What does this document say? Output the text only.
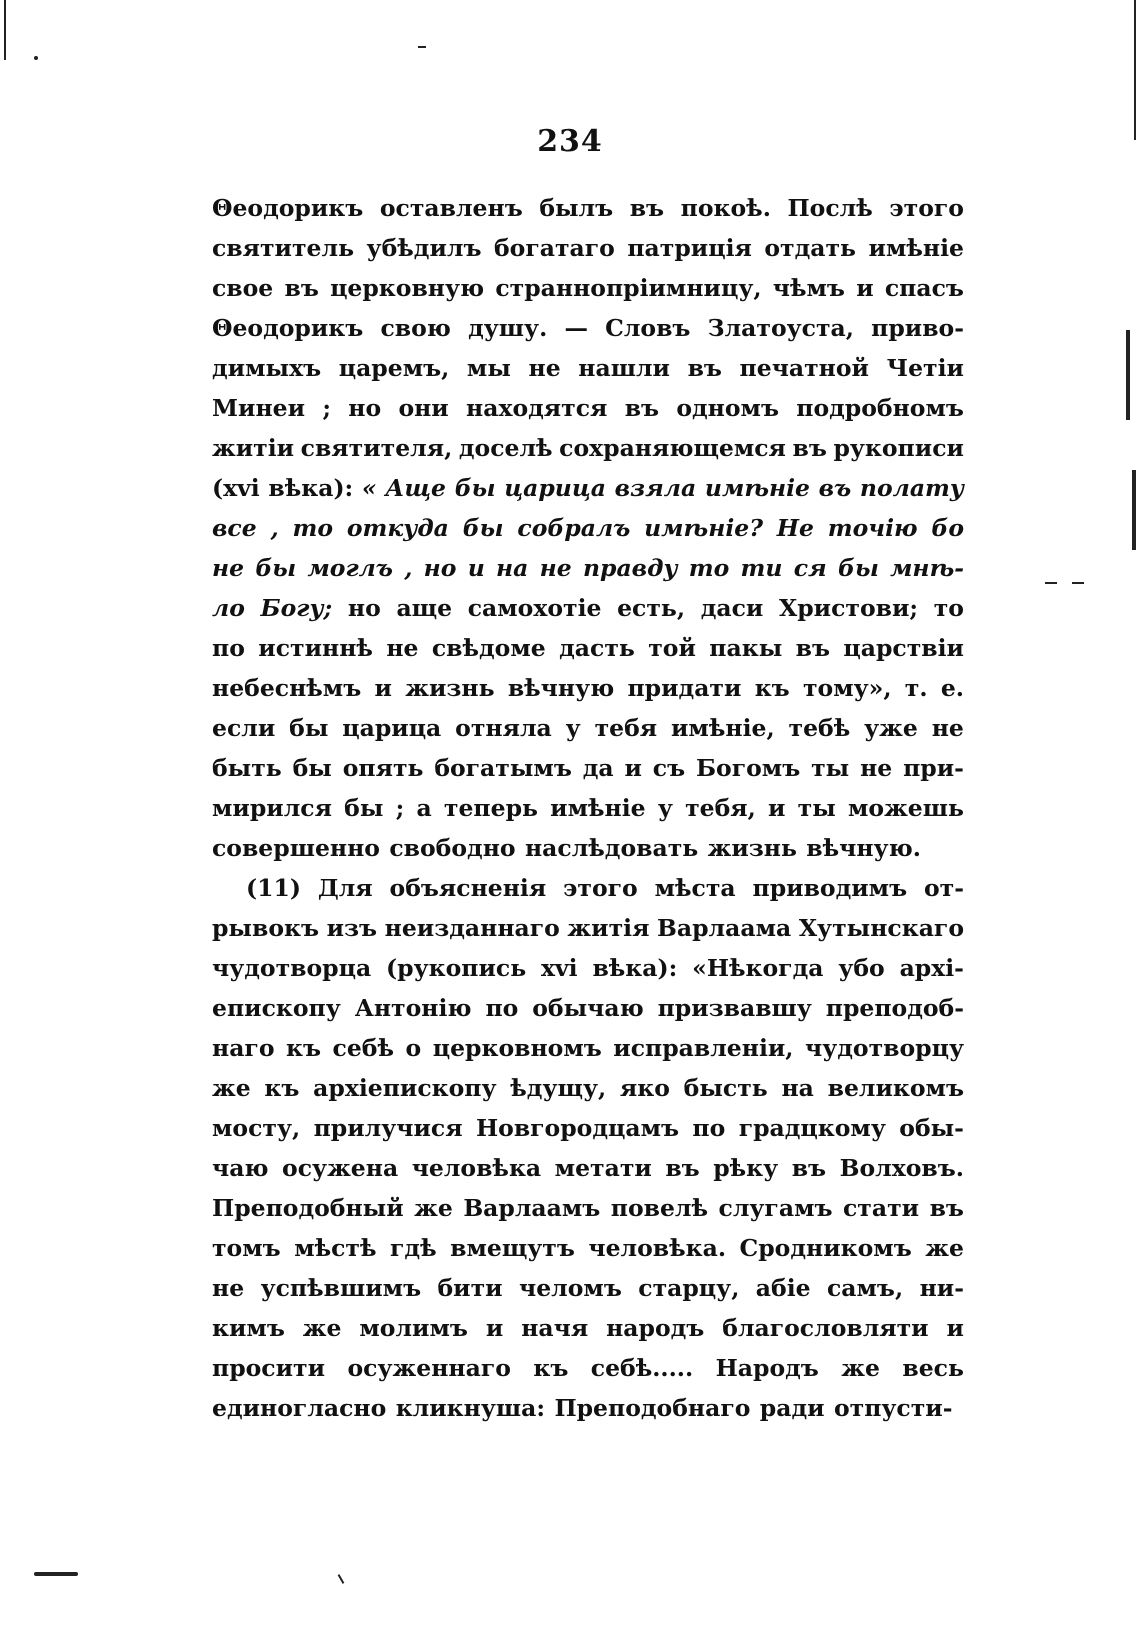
234
Θеодорикъ оставленъ былъ въ покоѣ. Послѣ этого
святитель убѣдилъ богатаго патриція отдать имѣніе
свое въ церковную страннопріимницу, чѣмъ и спасъ
Θеодорикъ свою душу. — Словъ Златоуста, приво-
димыхъ царемъ, мы не нашли въ печатной Четіи
Минеи ; но они находятся въ одномъ подробномъ
житіи святителя, доселѣ сохраняющемся въ рукописи
(xvi вѣка): « Аще бы царица взяла имѣніе въ полату
все , то откуда бы собралъ имѣніе? Не точію бо
не бы моглъ , но и на не правду то ти ся бы мнѣ-
ло Богу; но аще самохотіе есть, даси Христови; то
по истиннѣ не свѣдоме дасть той пакы въ царствіи
небеснѣмъ и жизнь вѣчную придати къ тому», т. е.
если бы царица отняла у тебя имѣніе, тебѣ уже не
быть бы опять богатымъ да и съ Богомъ ты не при-
мирился бы ; а теперь имѣніе у тебя, и ты можешь
совершенно свободно наслѣдовать жизнь вѣчную.
(11) Для объясненія этого мѣста приводимъ от-
рывокъ изъ неизданнаго житія Варлаама Хутынскаго
чудотворца (рукопись xvi вѣка): «Нѣкогда убо архі-
епископу Антонію по обычаю призвавшу преподоб-
наго къ себѣ о церковномъ исправленіи, чудотворцу
же къ архіепископу ѣдущу, яко бысть на великомъ
мосту, прилучися Новгородцамъ по градцкому обы-
чаю осужена человѣка метати въ рѣку въ Волховъ.
Преподобный же Варлаамъ повелѣ слугамъ стати въ
томъ мѣстѣ гдѣ вмещутъ человѣка. Сродникомъ же
не успѣвшимъ бити челомъ старцу, абіе самъ, ни-
кимъ же молимъ и начя народъ благословляти и
просити осуженнаго къ себѣ..... Народъ же весь
единогласно кликнуша: Преподобнаго ради отпусти-
